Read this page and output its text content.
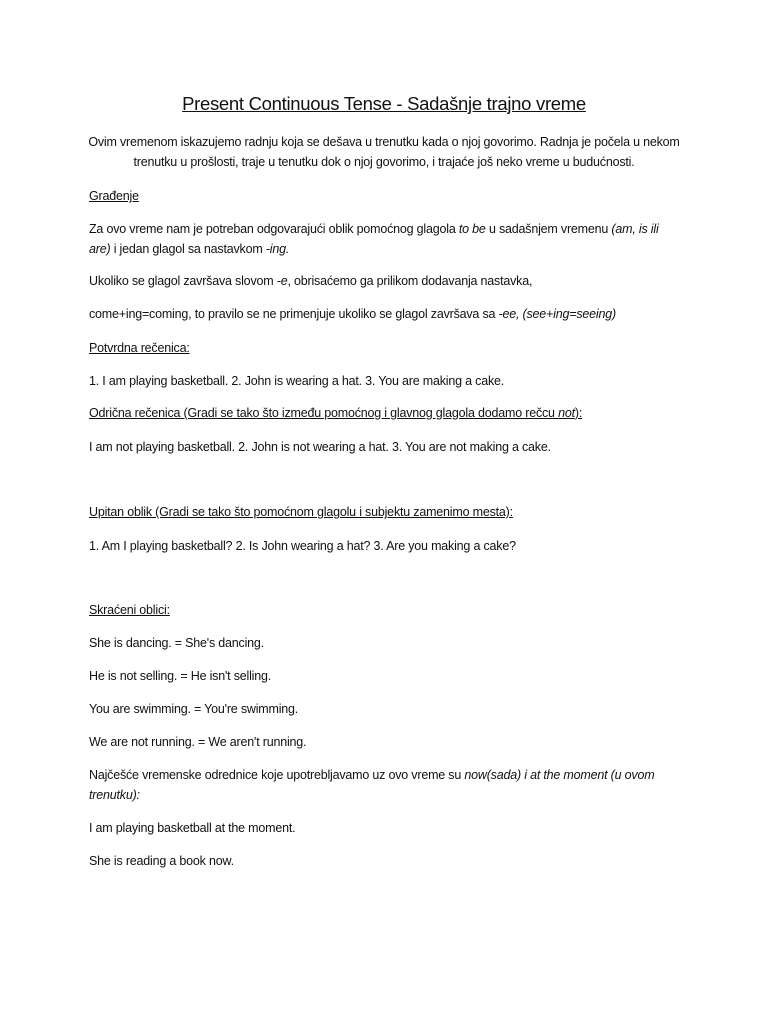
Present Continuous Tense - Sadašnje trajno vreme
Ovim vremenom iskazujemo radnju koja se dešava u trenutku kada o njoj govorimo. Radnja je počela u nekom trenutku u prošlosti, traje u tenutku dok o njoj govorimo, i trajaće još neko vreme u budućnosti.
Građenje
Za ovo vreme nam je potreban odgovarajući oblik pomoćnog glagola to be u sadašnjem vremenu (am, is ili are) i jedan glagol sa nastavkom -ing.
Ukoliko se glagol završava slovom -e, obrisaćemo ga prilikom dodavanja nastavka,
come+ing=coming, to pravilo se ne primenjuje ukoliko se glagol završava sa -ee, (see+ing=seeing)
Potvrdna rečenica:
1. I am playing basketball. 2. John is wearing a hat. 3. You are making a cake.
Odrična rečenica (Gradi se tako što između pomoćnog i glavnog glagola dodamo rečcu not):
I am not playing basketball. 2. John is not wearing a hat. 3. You are not making a cake.
Upitan oblik (Gradi se tako što pomoćnom glagolu i subjektu zamenimo mesta):
1. Am I playing basketball? 2. Is John wearing a hat? 3. Are you making a cake?
Skraćeni oblici:
She is dancing. = She's dancing.
He is not selling. = He isn't selling.
You are swimming. = You're swimming.
We are not running. = We aren't running.
Najčešće vremenske odrednice koje upotrebljavamo uz ovo vreme su now(sada) i at the moment (u ovom trenutku):
I am playing basketball at the moment.
She is reading a book now.
